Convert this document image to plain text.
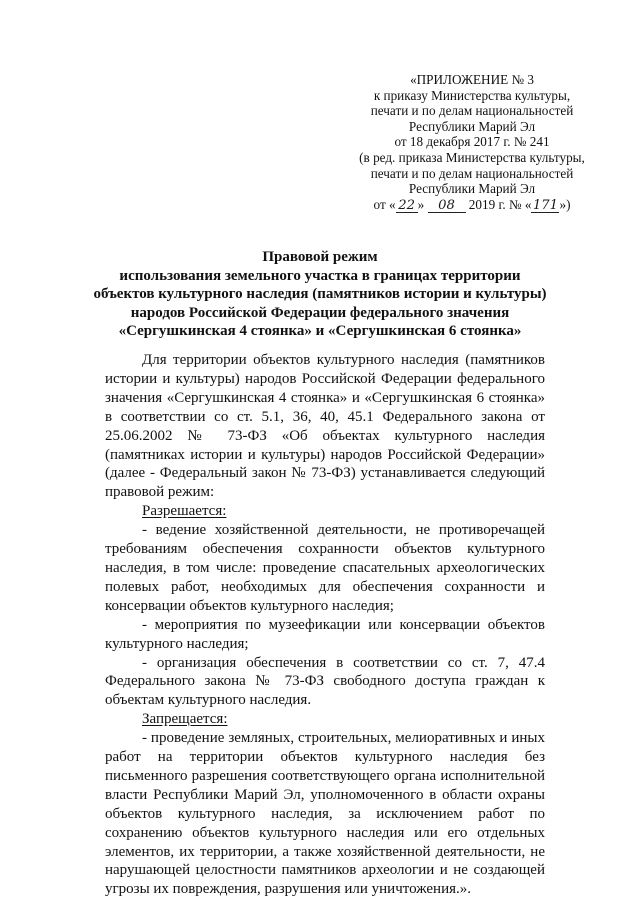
«ПРИЛОЖЕНИЕ № 3
к приказу Министерства культуры,
печати и по делам национальностей
Республики Марий Эл
от 18 декабря 2017 г. № 241
(в ред. приказа Министерства культуры,
печати и по делам национальностей
Республики Марий Эл
от « 22 » 08 2019 г. № «171»)
Правовой режим
использования земельного участка в границах территории
объектов культурного наследия (памятников истории и культуры)
народов Российской Федерации федерального значения
«Сергушкинская 4 стоянка» и «Сергушкинская 6 стоянка»

Для территории объектов культурного наследия (памятников истории и культуры) народов Российской Федерации федерального значения «Сергушкинская 4 стоянка» и «Сергушкинская 6 стоянка» в соответствии со ст. 5.1, 36, 40, 45.1 Федерального закона от 25.06.2002 № 73-ФЗ «Об объектах культурного наследия (памятниках истории и культуры) народов Российской Федерации» (далее - Федеральный закон № 73-ФЗ) устанавливается следующий правовой режим:

Разрешается:

- ведение хозяйственной деятельности, не противоречащей требованиям обеспечения сохранности объектов культурного наследия, в том числе: проведение спасательных археологических полевых работ, необходимых для обеспечения сохранности и консервации объектов культурного наследия;

- мероприятия по музеефикации или консервации объектов культурного наследия;

- организация обеспечения в соответствии со ст. 7, 47.4 Федерального закона № 73-ФЗ свободного доступа граждан к объектам культурного наследия.

Запрещается:

- проведение земляных, строительных, мелиоративных и иных работ на территории объектов культурного наследия без письменного разрешения соответствующего органа исполнительной власти Республики Марий Эл, уполномоченного в области охраны объектов культурного наследия, за исключением работ по сохранению объектов культурного наследия или его отдельных элементов, их территории, а также хозяйственной деятельности, не нарушающей целостности памятников археологии и не создающей угрозы их повреждения, разрушения или уничтожения.».
